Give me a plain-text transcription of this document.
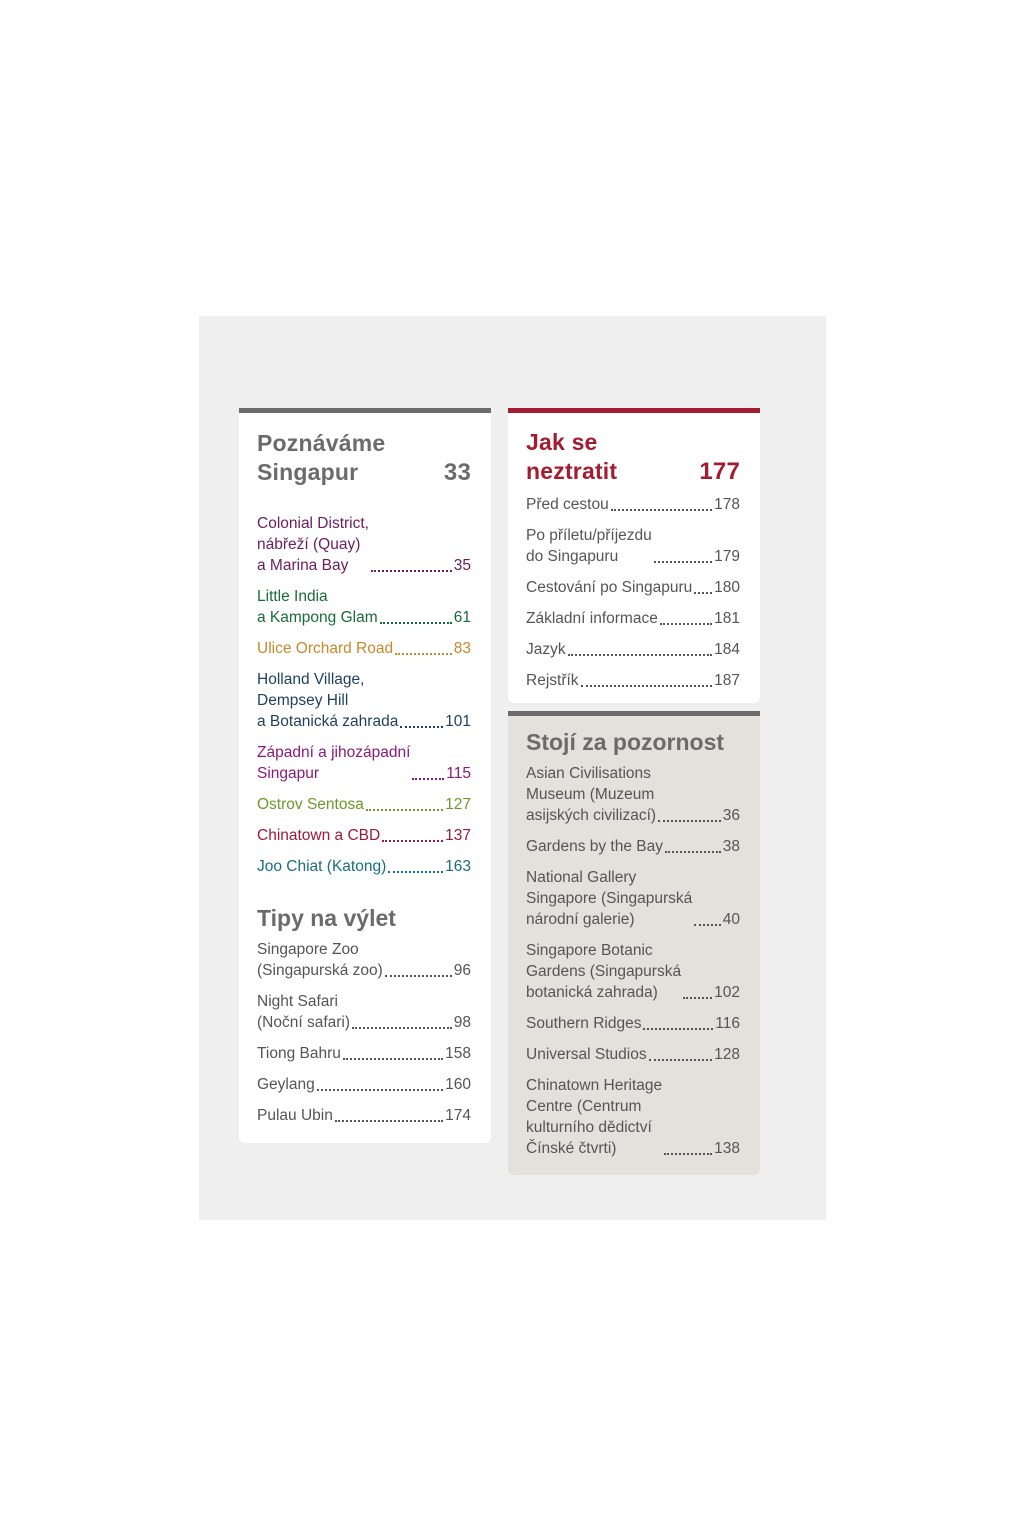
Poznáváme
Singapur	33
Colonial District,
nábřeží (Quay)
a Marina Bay	35
Little India
a Kampong Glam	61
Ulice Orchard Road	83
Holland Village,
Dempsey Hill
a Botanická zahrada	101
Západní a jihozápadní
Singapur	115
Ostrov Sentosa	127
Chinatown a CBD	137
Joo Chiat (Katong)	163
Tipy na výlet
Singapore Zoo
(Singapurská zoo)	96
Night Safari
(Noční safari)	98
Tiong Bahru	158
Geylang	160
Pulau Ubin	174
Jak se
neztratit	177
Před cestou	178
Po příletu/příjezdu
do Singapuru	179
Cestování po Singapuru 180
Základní informace	181
Jazyk	184
Rejstřík	187
Stojí za pozornost
Asian Civilisations
Museum (Muzeum
asijských civilizací)	36
Gardens by the Bay	38
National Gallery
Singapore (Singapurská
národní galerie)	40
Singapore Botanic
Gardens (Singapurská
botanická zahrada)	102
Southern Ridges	116
Universal Studios	128
Chinatown Heritage
Centre (Centrum
kulturního dědictví
Čínské čtvrti)	138
